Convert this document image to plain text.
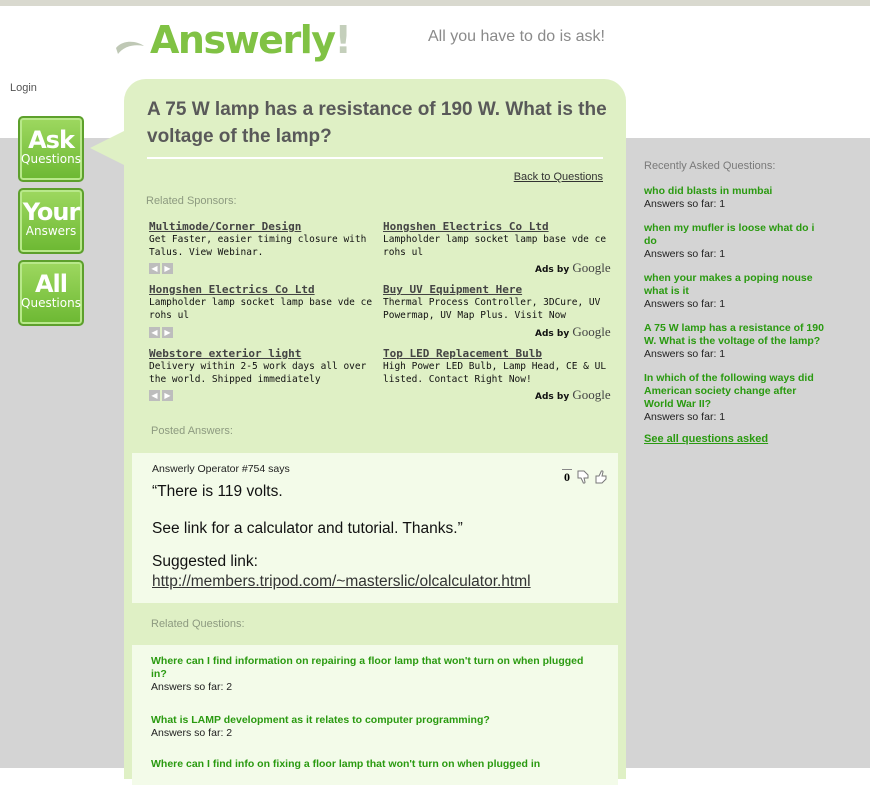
Answerly !	All you have to do is ask!
Login
Ask
Questions
Your
Answers
All
Questions
A 75 W lamp has a resistance of 190 W. What is the voltage of the lamp?
Back to Questions
Related Sponsors:
Multimode/Corner Design
Get Faster, easier timing closure with Talus. View Webinar.
Hongshen Electrics Co Ltd
Lampholder lamp socket lamp base vde ce rohs ul
◀ ▶	Ads by Google
Hongshen Electrics Co Ltd
Lampholder lamp socket lamp base vde ce rohs ul
Buy UV Equipment Here
Thermal Process Controller, 3DCure, UV Powermap, UV Map Plus. Visit Now
◀ ▶	Ads by Google
Webstore exterior light
Delivery within 2-5 work days all over the world. Shipped immediately
Top LED Replacement Bulb
High Power LED Bulb, Lamp Head, CE & UL listed. Contact Right Now!
◀ ▶	Ads by Google
Posted Answers:
Answerly Operator #754 says
0

“There is 119 volts.

See link for a calculator and tutorial. Thanks.”

Suggested link:
http://members.tripod.com/~masterslic/olcalculator.html
Related Questions:
Where can I find information on repairing a floor lamp that won't turn on when plugged in?
Answers so far: 2
What is LAMP development as it relates to computer programming?
Answers so far: 2
Where can I find info on fixing a floor lamp that won't turn on when plugged in
Recently Asked Questions:
who did blasts in mumbai
Answers so far: 1
when my mufler is loose what do i do
Answers so far: 1
when your makes a poping nouse what is it
Answers so far: 1
A 75 W lamp has a resistance of 190 W. What is the voltage of the lamp?
Answers so far: 1
In which of the following ways did American society change after World War II?
Answers so far: 1
See all questions asked
